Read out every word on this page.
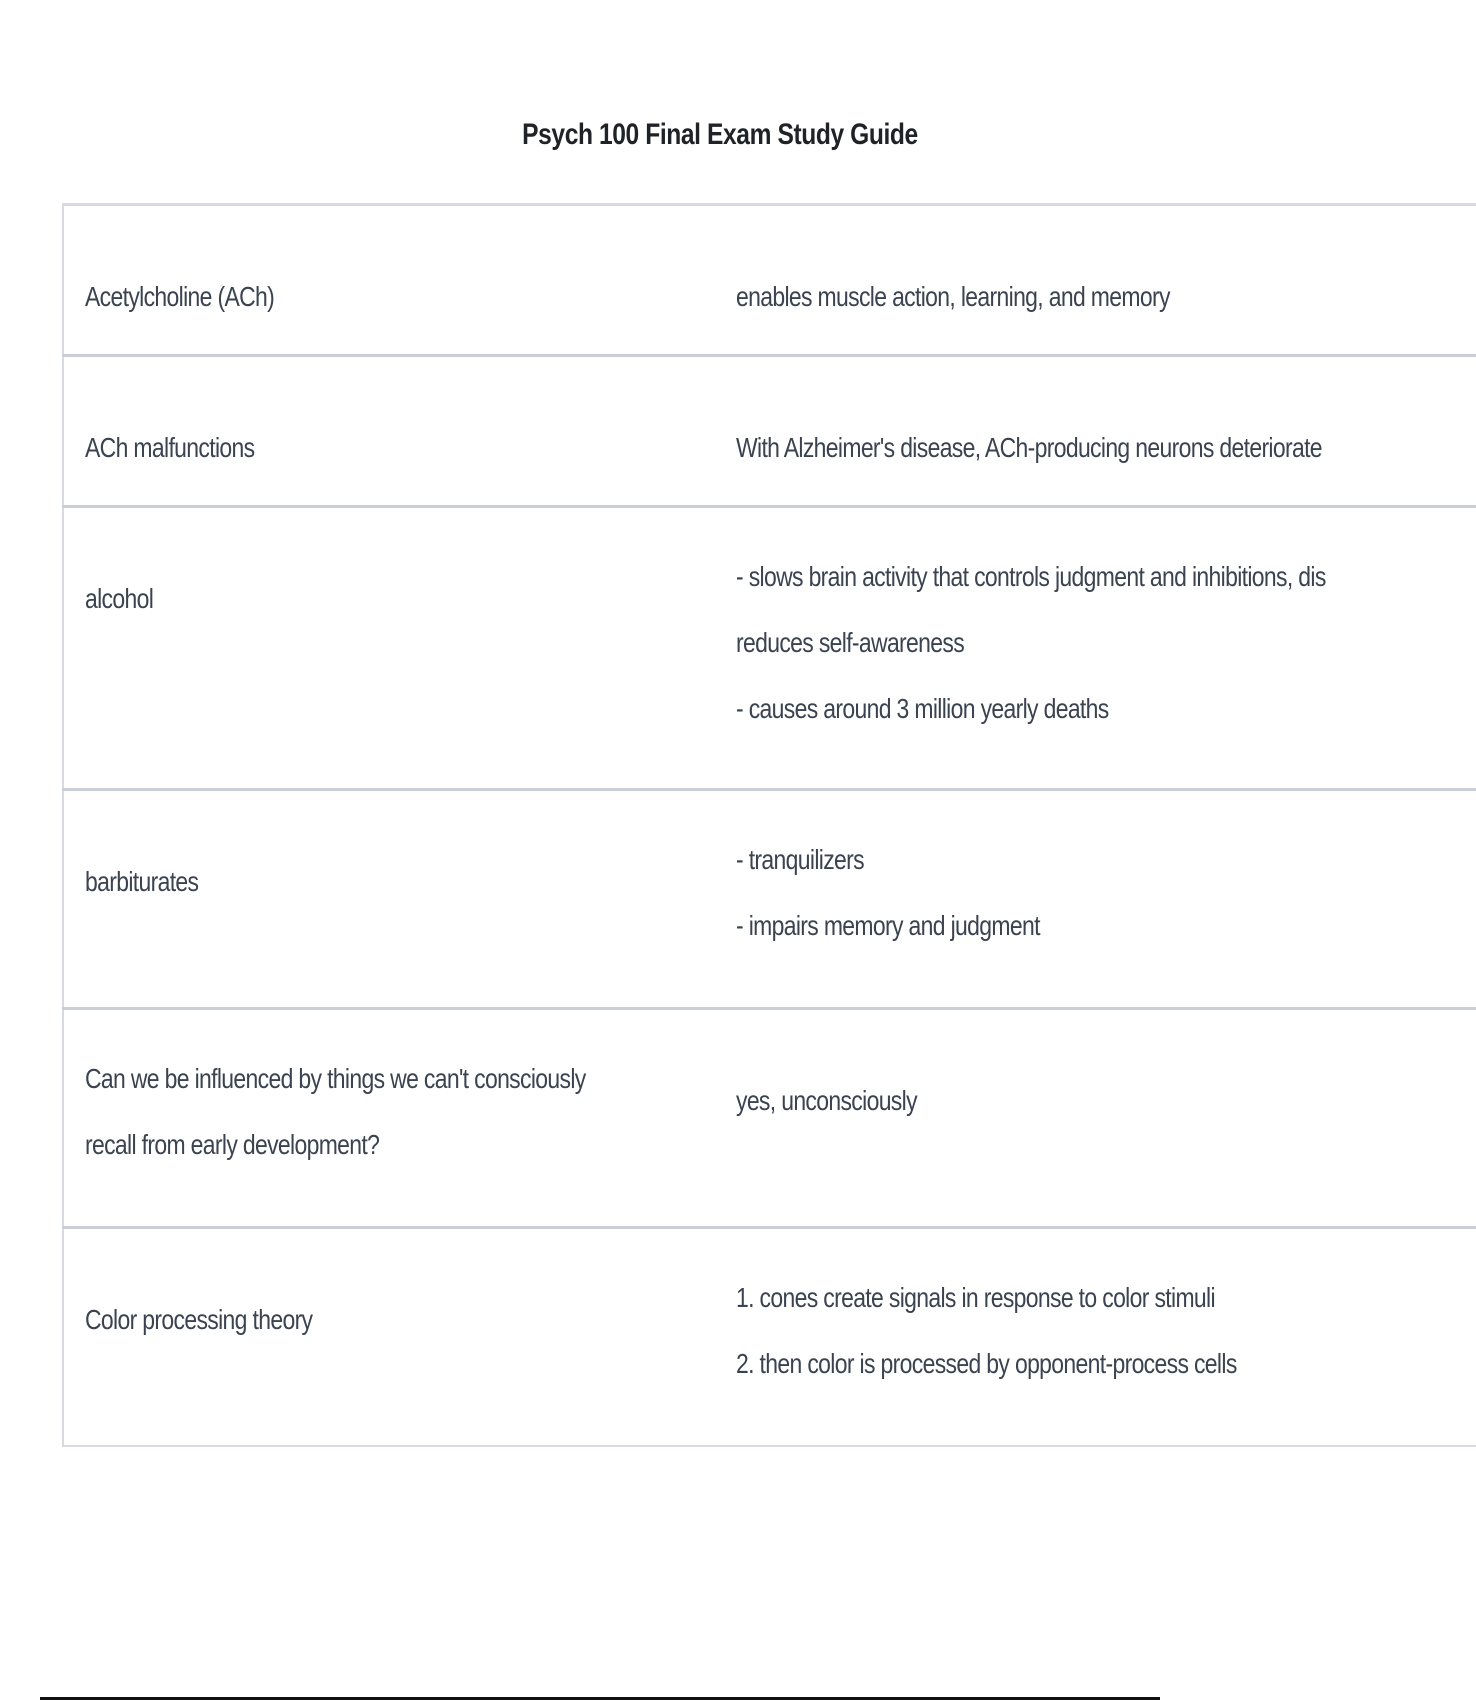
Psych 100 Final Exam Study Guide
Acetylcholine (ACh)	enables muscle action, learning, and memory

ACh malfunctions	With Alzheimer's disease, ACh-producing neurons deteriorate

alcohol	- slows brain activity that controls judgment and inhibitions, dis
reduces self-awareness
- causes around 3 million yearly deaths

barbiturates	- tranquilizers
- impairs memory and judgment

Can we be influenced by things we can't consciously
recall from early development?	yes, unconsciously

Color processing theory	1. cones create signals in response to color stimuli
2. then color is processed by opponent-process cells
